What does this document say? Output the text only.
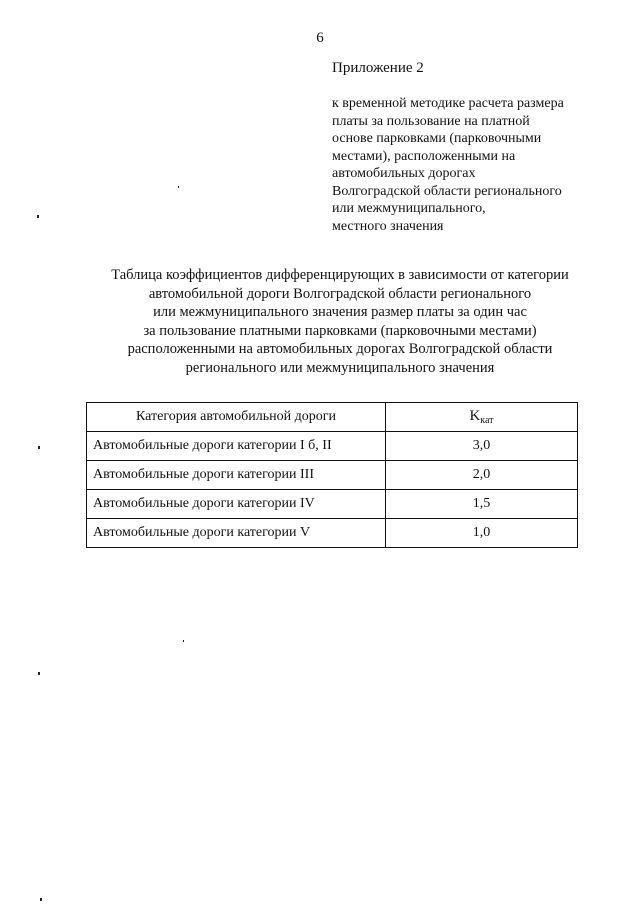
6
Приложение 2
к временной методике расчета размера
платы за пользование на платной
основе парковками (парковочными
местами), расположенными на
автомобильных дорогах
Волгоградской области регионального
или межмуниципального,
местного значения
Таблица коэффициентов дифференцирующих в зависимости от категории
автомобильной дороги Волгоградской области регионального
или межмуниципального значения размер платы за один час
за пользование платными парковками (парковочными местами)
расположенными на автомобильных дорогах Волгоградской области
регионального или межмуниципального значения
Категория автомобильной дороги	$K_{кат}$
Автомобильные дороги категории I б, II	3,0
Автомобильные дороги категории III	2,0
Автомобильные дороги категории IV	1,5
Автомобильные дороги категории V	1,0
